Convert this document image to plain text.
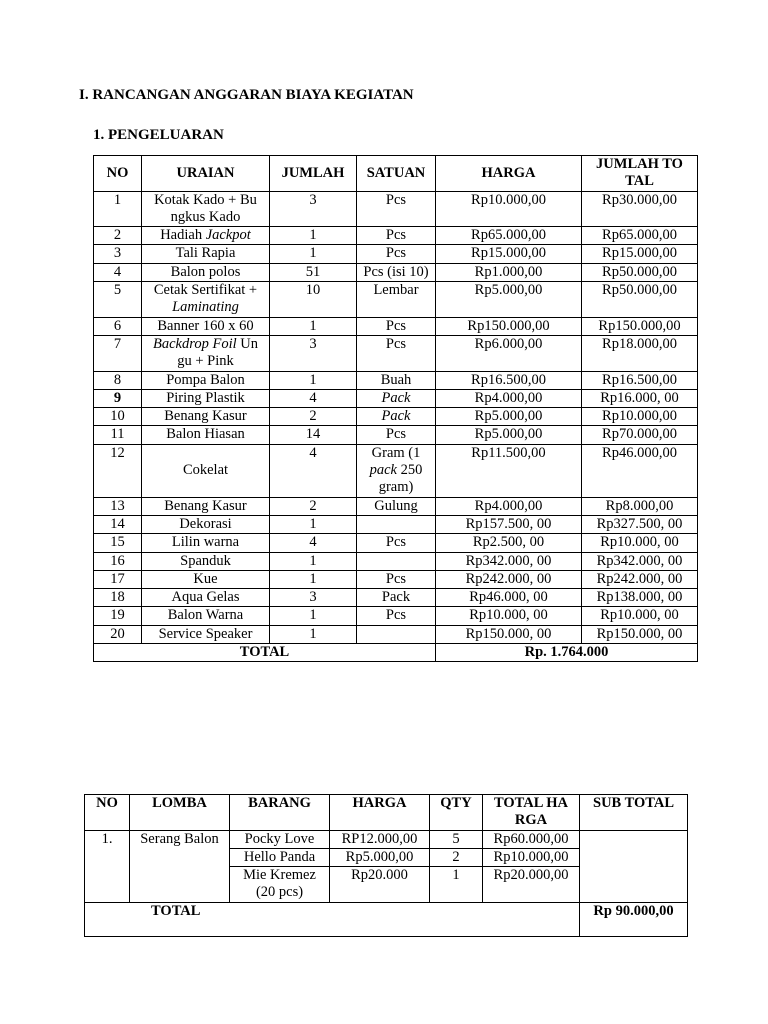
I. RANCANGAN ANGGARAN BIAYA KEGIATAN
1. PENGELUARAN
NO	URAIAN	JUMLAH	SATUAN	HARGA	JUMLAH TO TAL
1	Kotak Kado + Bu ngkus Kado	3	Pcs	Rp10.000,00	Rp30.000,00
2	Hadiah Jackpot	1	Pcs	Rp65.000,00	Rp65.000,00
3	Tali Rapia	1	Pcs	Rp15.000,00	Rp15.000,00
4	Balon polos	51	Pcs (isi 10)	Rp1.000,00	Rp50.000,00
5	Cetak Sertifikat + Laminating	10	Lembar	Rp5.000,00	Rp50.000,00
6	Banner 160 x 60	1	Pcs	Rp150.000,00	Rp150.000,00
7	Backdrop Foil Un gu + Pink	3	Pcs	Rp6.000,00	Rp18.000,00
8	Pompa Balon	1	Buah	Rp16.500,00	Rp16.500,00
9	Piring Plastik	4	Pack	Rp4.000,00	Rp16.000, 00
10	Benang Kasur	2	Pack	Rp5.000,00	Rp10.000,00
11	Balon Hiasan	14	Pcs	Rp5.000,00	Rp70.000,00
12	Cokelat	4	Gram (1 pack 250 gram)	Rp11.500,00	Rp46.000,00
13	Benang Kasur	2	Gulung	Rp4.000,00	Rp8.000,00
14	Dekorasi	1		Rp157.500, 00	Rp327.500, 00
15	Lilin warna	4	Pcs	Rp2.500, 00	Rp10.000, 00
16	Spanduk	1		Rp342.000, 00	Rp342.000, 00
17	Kue	1	Pcs	Rp242.000, 00	Rp242.000, 00
18	Aqua Gelas	3	Pack	Rp46.000, 00	Rp138.000, 00
19	Balon Warna	1	Pcs	Rp10.000, 00	Rp10.000, 00
20	Service Speaker	1		Rp150.000, 00	Rp150.000, 00
TOTAL				Rp. 1.764.000	
NO	LOMBA	BARANG	HARGA	QTY	TOTAL HA RGA	SUB TOTAL
1.	Serang Balon	Pocky Love	RP12.000,00	5	Rp60.000,00	
		Hello Panda	Rp5.000,00	2	Rp10.000,00	
		Mie Kremez (20 pcs)	Rp20.000	1	Rp20.000,00	
TOTAL						Rp 90.000,00
